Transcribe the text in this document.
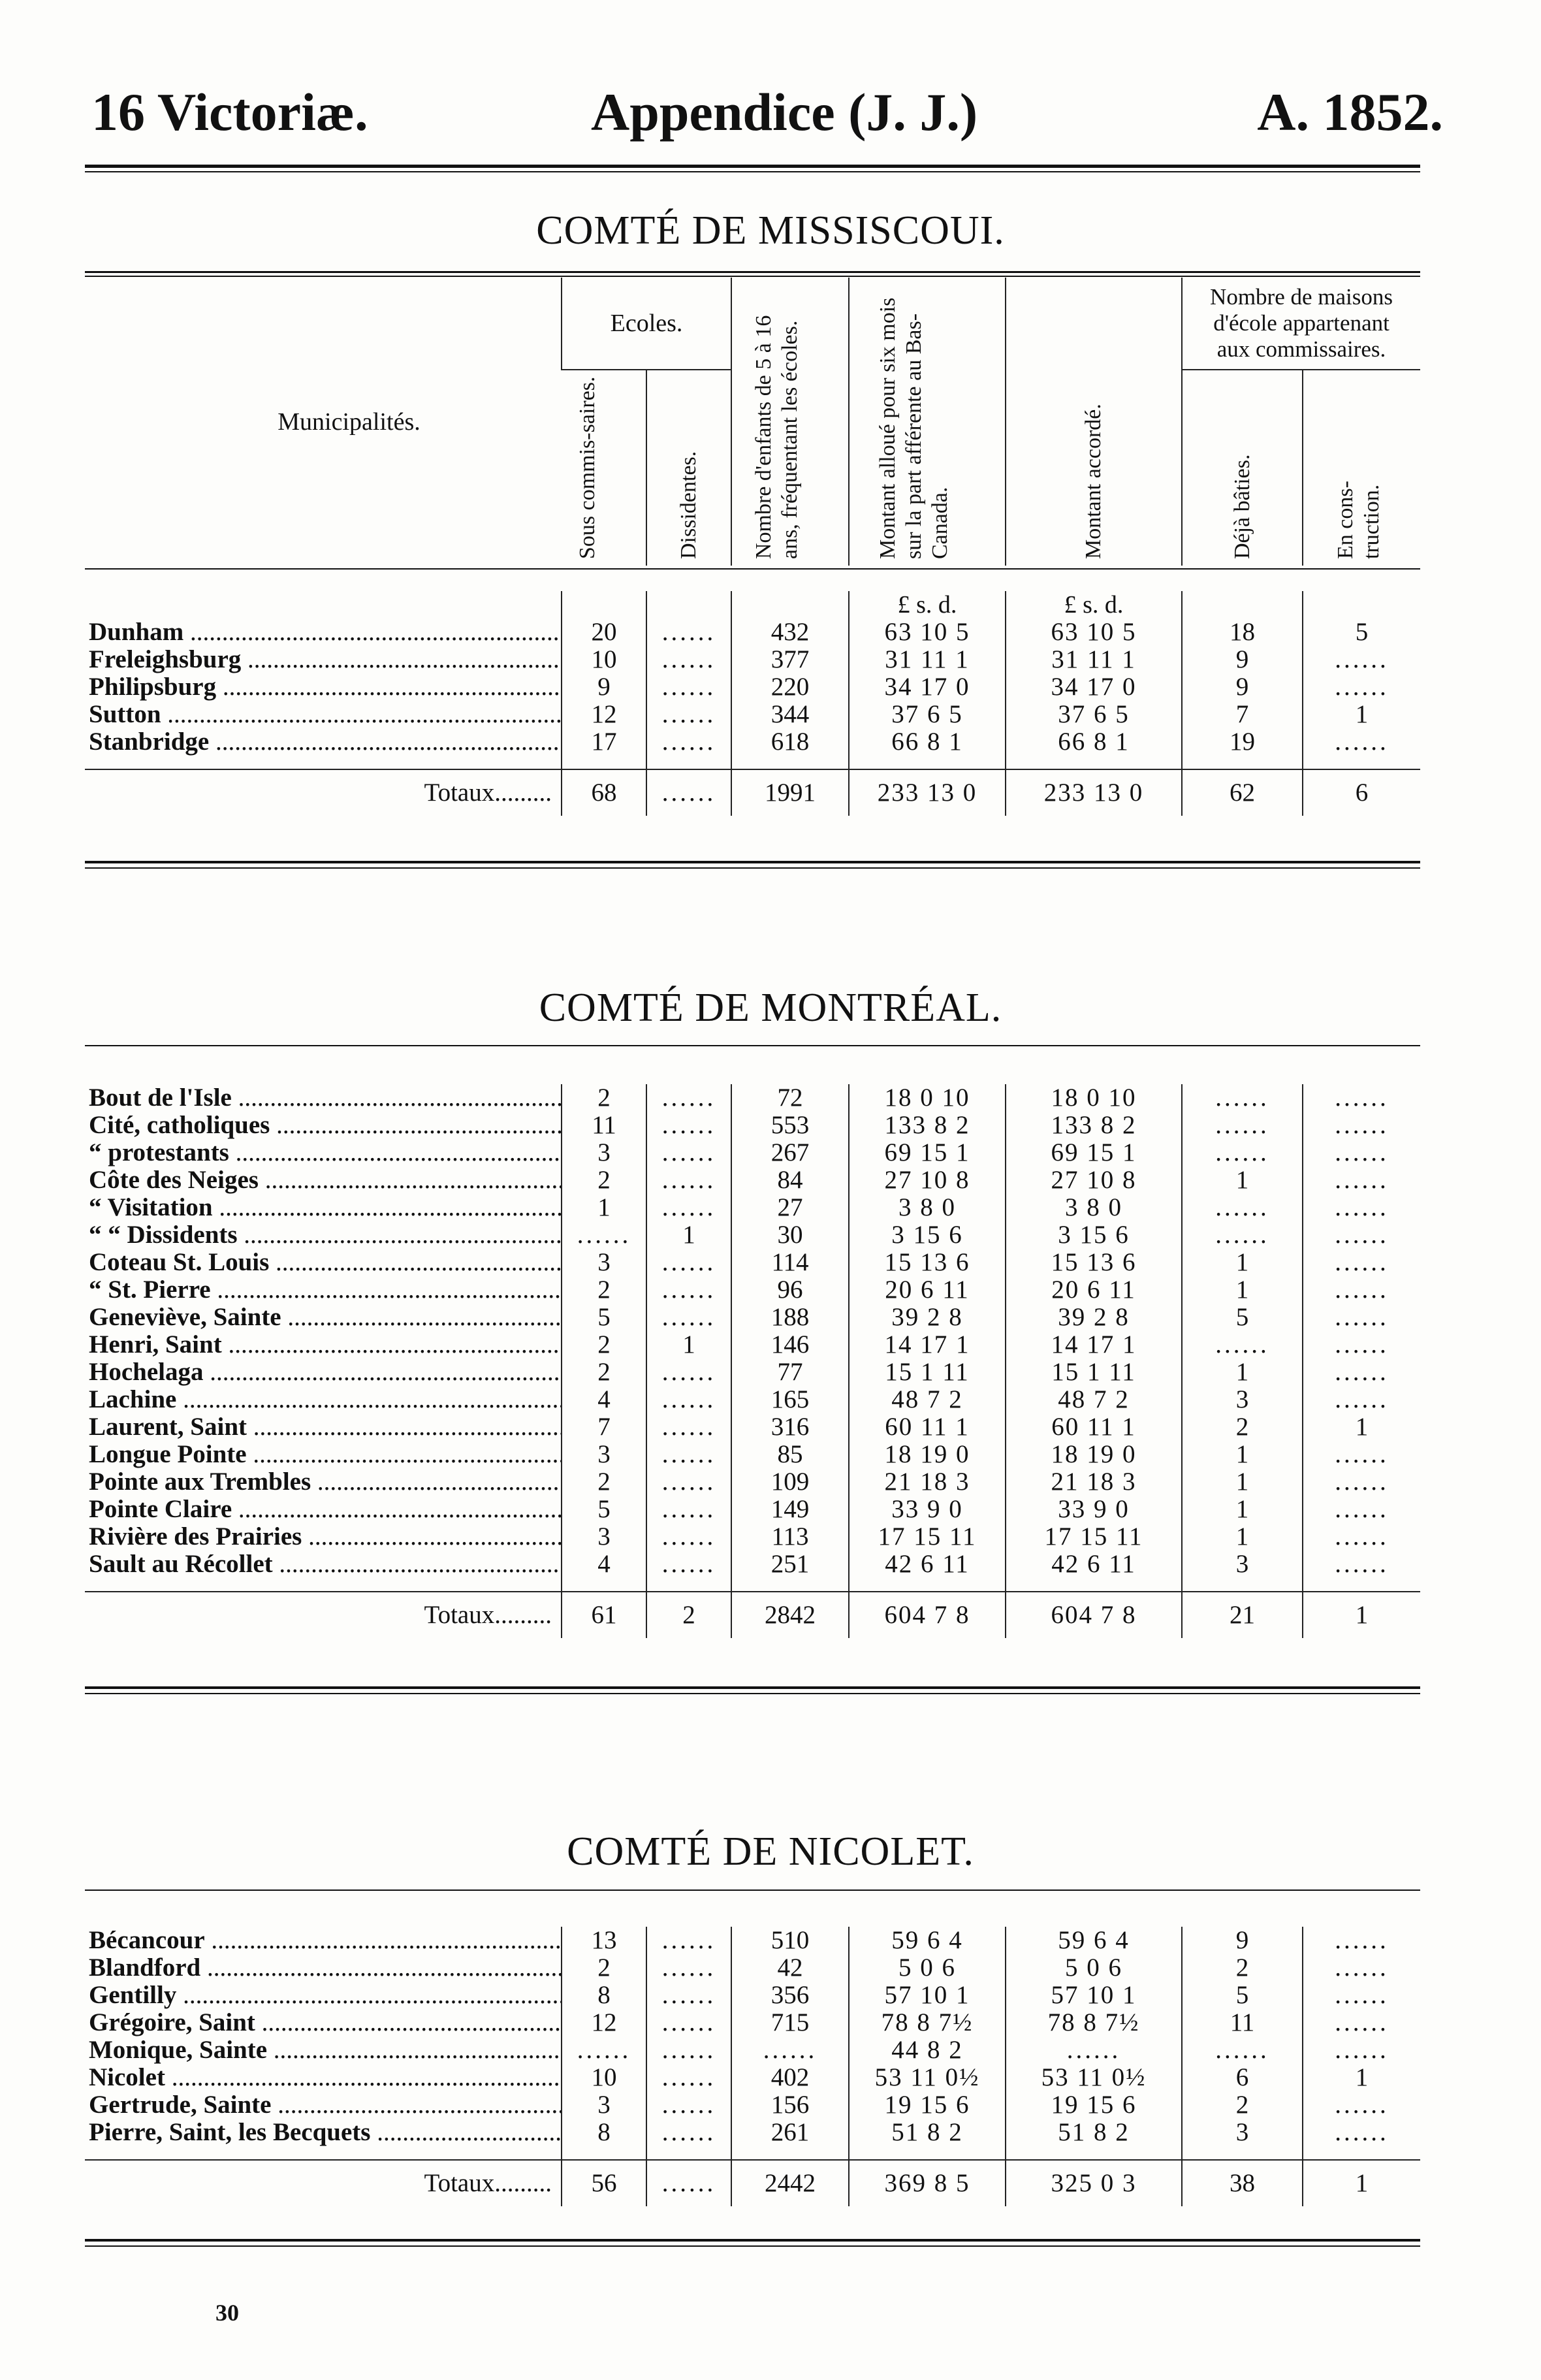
16 Victoriæ.	Appendice (J. J.)	A. 1852.
COMTÉ DE MISSISCOUI.
Municipalités.	Ecoles.		Nombre d'enfants de 5 à 16 ans, fréquentant les écoles.	Montant alloué pour six mois sur la part afférente au Bas-Canada.	Montant accordé.	Nombre de maisons d'école appartenant aux commissaires.	
	Sous commis-saires.	Dissidentes.				Déjà bâties.	En cons-truction.
				£ s. d.	£ s. d.		
Dunham .....	20	......	432	63 10 5	63 10 5	18	5
Freleighsburg .....	10	......	377	31 11 1	31 11 1	9	......
Philipsburg .....	9	......	220	34 17 0	34 17 0	9	......
Sutton .....	12	......	344	37 6 5	37 6 5	7	1
Stanbridge .....	17	......	618	66 8 1	66 8 1	19	......

Totaux.........	68	......	1991	233 13 0	233 13 0	62	6
COMTÉ DE MONTRÉAL.
Bout de l'Isle .....	2	......	72	18 0 10	18 0 10	......	......
Cité, catholiques .....	11	......	553	133 8 2	133 8 2	......	......
“ protestants .....	3	......	267	69 15 1	69 15 1	......	......
Côte des Neiges .....	2	......	84	27 10 8	27 10 8	1	......
“ Visitation .....	1	......	27	3 8 0	3 8 0	......	......
“ “ Dissidents .....	......	1	30	3 15 6	3 15 6	......	......
Coteau St. Louis .....	3	......	114	15 13 6	15 13 6	1	......
“ St. Pierre .....	2	......	96	20 6 11	20 6 11	1	......
Geneviève, Sainte .....	5	......	188	39 2 8	39 2 8	5	......
Henri, Saint .....	2	1	146	14 17 1	14 17 1	......	......
Hochelaga .....	2	......	77	15 1 11	15 1 11	1	......
Lachine .....	4	......	165	48 7 2	48 7 2	3	......
Laurent, Saint .....	7	......	316	60 11 1	60 11 1	2	1
Longue Pointe .....	3	......	85	18 19 0	18 19 0	1	......
Pointe aux Trembles .....	2	......	109	21 18 3	21 18 3	1	......
Pointe Claire .....	5	......	149	33 9 0	33 9 0	1	......
Rivière des Prairies .....	3	......	113	17 15 11	17 15 11	1	......
Sault au Récollet .....	4	......	251	42 6 11	42 6 11	3	......

Totaux.........	61	2	2842	604 7 8	604 7 8	21	1
COMTÉ DE NICOLET.
Bécancour .....	13	......	510	59 6 4	59 6 4	9	......
Blandford .....	2	......	42	5 0 6	5 0 6	2	......
Gentilly .....	8	......	356	57 10 1	57 10 1	5	......
Grégoire, Saint .....	12	......	715	78 8 7½	78 8 7½	11	......
Monique, Sainte .....	......	......	......	44 8 2	......	......	......
Nicolet .....	10	......	402	53 11 0½	53 11 0½	6	1
Gertrude, Sainte .....	3	......	156	19 15 6	19 15 6	2	......
Pierre, Saint, les Becquets .....	8	......	261	51 8 2	51 8 2	3	......

Totaux.........	56	......	2442	369 8 5	325 0 3	38	1
30
